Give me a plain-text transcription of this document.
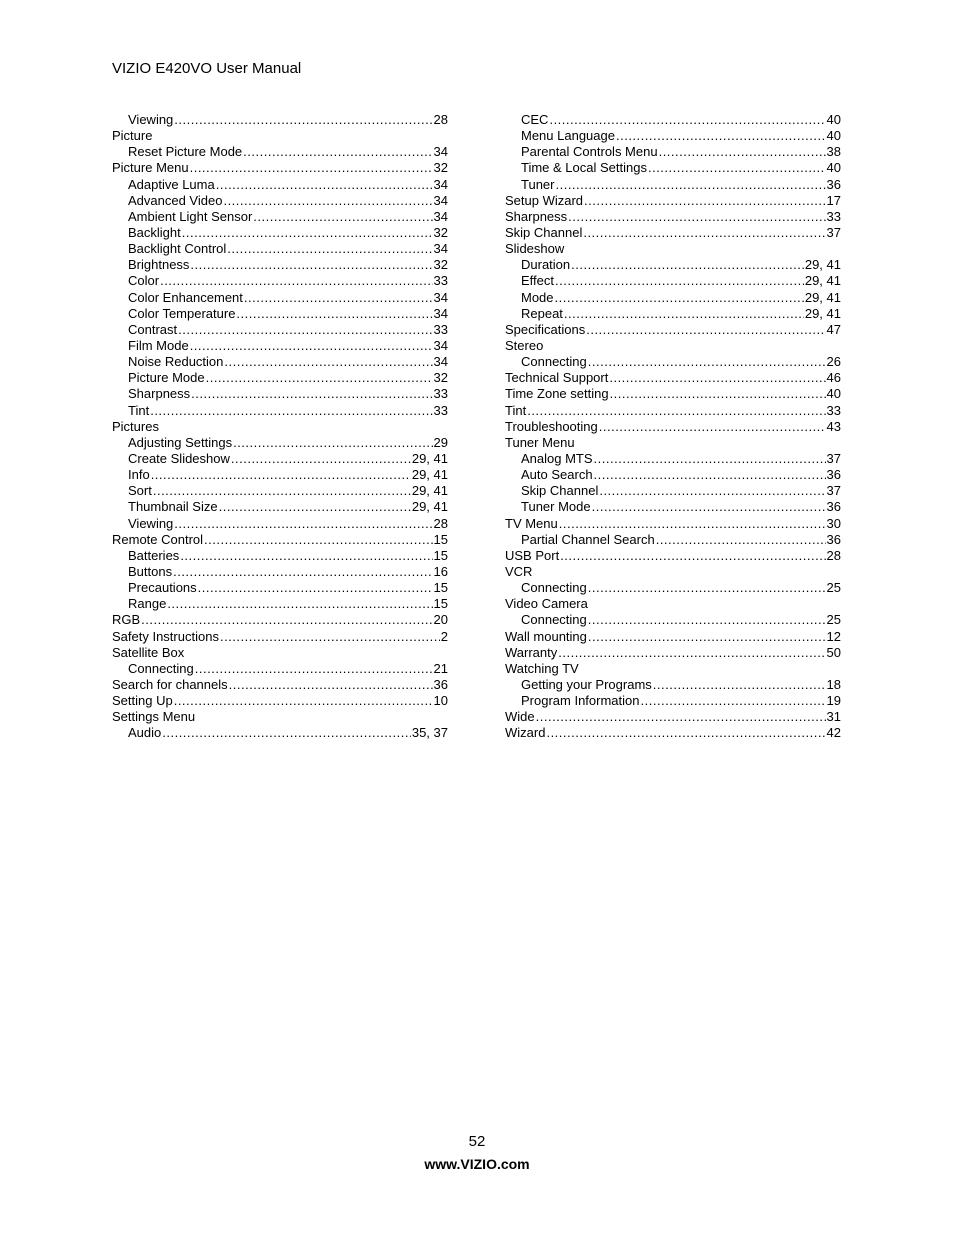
VIZIO E420VO User Manual
Viewing .....	28
Picture
Reset Picture Mode .....	34
Picture Menu .....	32
Adaptive Luma .....	34
Advanced Video .....	34
Ambient Light Sensor .....	34
Backlight .....	32
Backlight Control .....	34
Brightness .....	32
Color .....	33
Color Enhancement .....	34
Color Temperature .....	34
Contrast .....	33
Film Mode .....	34
Noise Reduction .....	34
Picture Mode .....	32
Sharpness .....	33
Tint .....	33
Pictures
Adjusting Settings .....	29
Create Slideshow .....	29, 41
Info .....	29, 41
Sort .....	29, 41
Thumbnail Size .....	29, 41
Viewing .....	28
Remote Control .....	15
Batteries .....	15
Buttons .....	16
Precautions .....	15
Range .....	15
RGB .....	20
Safety Instructions .....	2
Satellite Box
Connecting .....	21
Search for channels .....	36
Setting Up .....	10
Settings Menu
Audio .....	35, 37
CEC .....	40
Menu Language .....	40
Parental Controls Menu .....	38
Time & Local Settings .....	40
Tuner .....	36
Setup Wizard .....	17
Sharpness .....	33
Skip Channel .....	37
Slideshow
Duration .....	29, 41
Effect .....	29, 41
Mode .....	29, 41
Repeat .....	29, 41
Specifications .....	47
Stereo
Connecting .....	26
Technical Support .....	46
Time Zone setting .....	40
Tint .....	33
Troubleshooting .....	43
Tuner Menu
Analog MTS .....	37
Auto Search .....	36
Skip Channel .....	37
Tuner Mode .....	36
TV Menu .....	30
Partial Channel Search .....	36
USB Port .....	28
VCR
Connecting .....	25
Video Camera
Connecting .....	25
Wall mounting .....	12
Warranty .....	50
Watching TV
Getting your Programs .....	18
Program Information .....	19
Wide .....	31
Wizard .....	42
52
www.VIZIO.com
